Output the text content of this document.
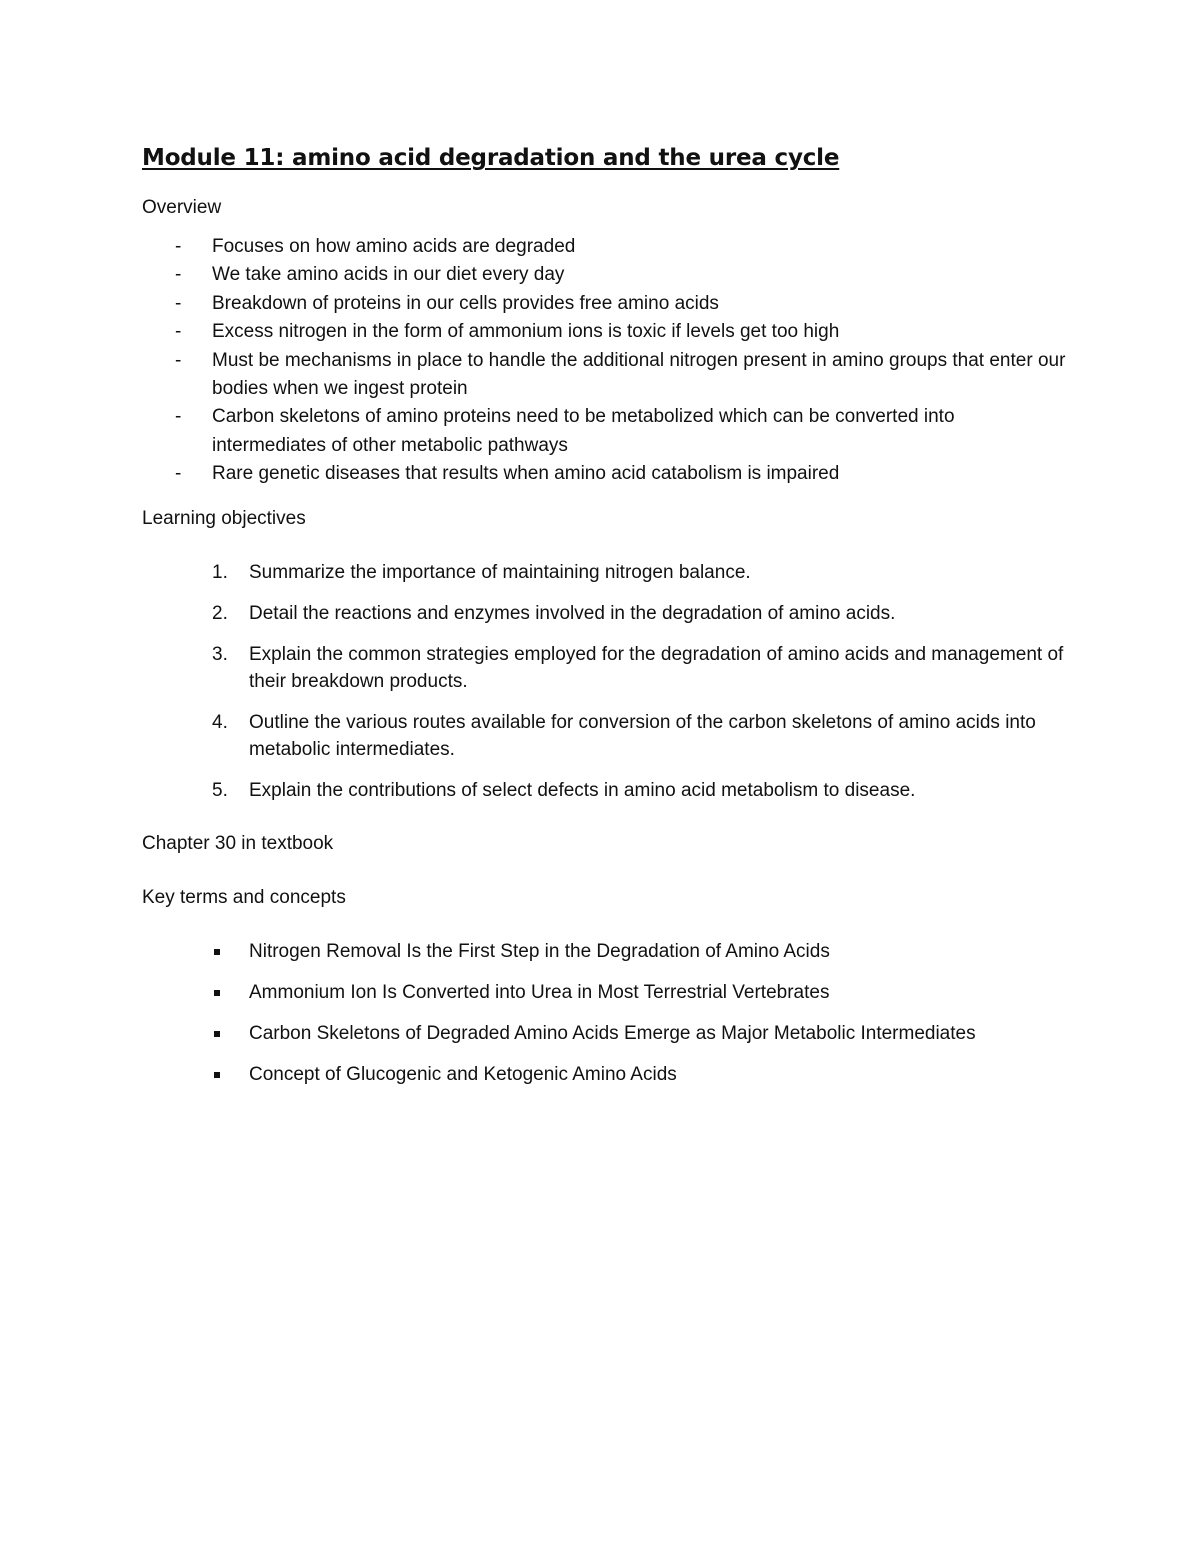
Module 11: amino acid degradation and the urea cycle

Overview

- Focuses on how amino acids are degraded
- We take amino acids in our diet every day
- Breakdown of proteins in our cells provides free amino acids
- Excess nitrogen in the form of ammonium ions is toxic if levels get too high
- Must be mechanisms in place to handle the additional nitrogen present in amino groups that enter our bodies when we ingest protein
- Carbon skeletons of amino proteins need to be metabolized which can be converted into intermediates of other metabolic pathways
- Rare genetic diseases that results when amino acid catabolism is impaired

Learning objectives

1. Summarize the importance of maintaining nitrogen balance.
2. Detail the reactions and enzymes involved in the degradation of amino acids.
3. Explain the common strategies employed for the degradation of amino acids and management of their breakdown products.
4. Outline the various routes available for conversion of the carbon skeletons of amino acids into metabolic intermediates.
5. Explain the contributions of select defects in amino acid metabolism to disease.

Chapter 30 in textbook

Key terms and concepts

Nitrogen Removal Is the First Step in the Degradation of Amino Acids
Ammonium Ion Is Converted into Urea in Most Terrestrial Vertebrates
Carbon Skeletons of Degraded Amino Acids Emerge as Major Metabolic Intermediates
Concept of Glucogenic and Ketogenic Amino Acids
